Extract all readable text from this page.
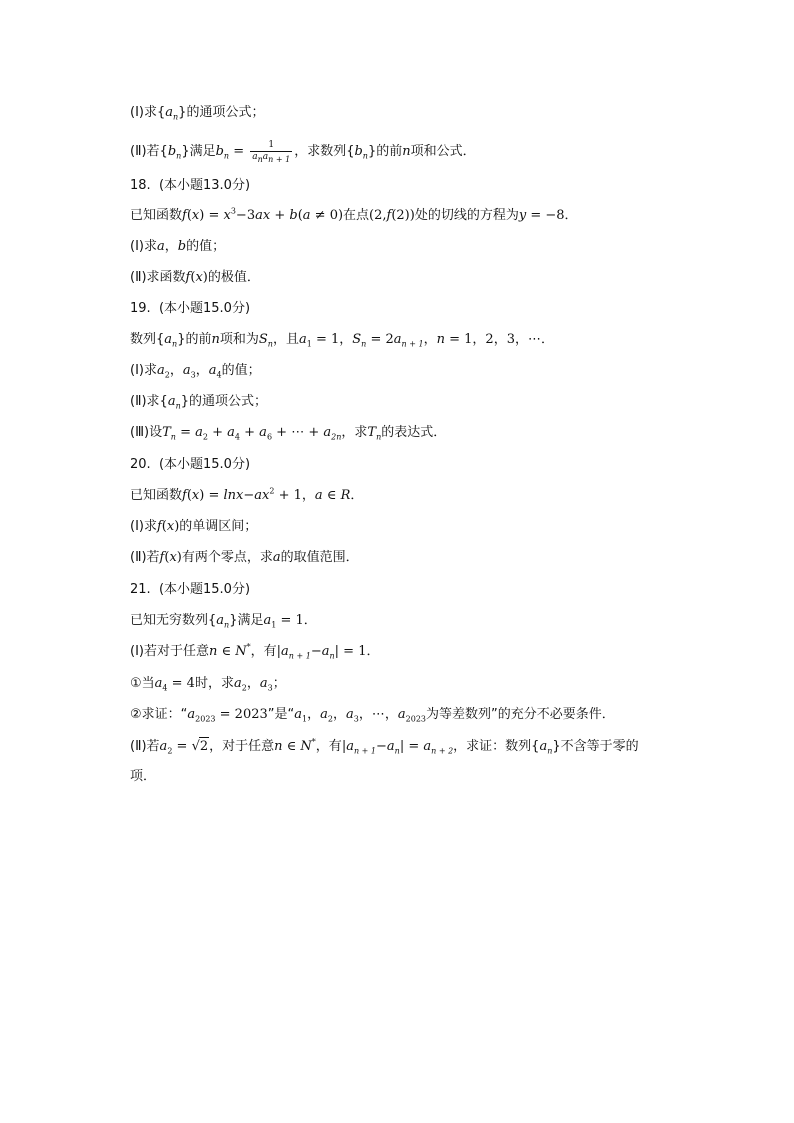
(Ⅰ)求$\{a_n\}$的通项公式；
(Ⅱ)若$\{b_n\}$满足$b_n = \frac{1}{a_na_{n + 1}}$ ，求数列$\{b_n\}$的前n项和公式．
18.  (本小题13.0分)
已知函数$f(x) = x^3-3ax + b(a \ne 0)$在点(2,f(2))处的切线的方程为y = −8．
(Ⅰ)求a，b的值；
(Ⅱ)求函数f(x)的极值．
19.  (本小题15.0分)
数列$\{a_n\}$的前n项和为$S_n$，且$a_1 = 1$，$S_n = 2a_{n + 1}$，n = 1，2，3，⋯．
(Ⅰ)求$a_2$，$a_3$，$a_4$的值；
(Ⅱ)求$\{a_n\}$的通项公式；
(Ⅲ)设$T_n = a_2 + a_4 + a_6$ + ⋯ + $a_{2n}$，求$T_n$的表达式．
20.  (本小题15.0分)
已知函数$f(x) = \ln x-ax^2 + 1$，a ∈ R．
(Ⅰ)求f(x)的单调区间；
(Ⅱ)若f(x)有两个零点，求a的取值范围．
21.  (本小题15.0分)
已知无穷数列$\{a_n\}$满足$a_1 = 1$．
(Ⅰ)若对于任意n ∈ N*，有$|a_{n + 1}-a_n| = 1$．
①当$a_4 = 4$时，求$a_2$，$a_3$；
②求证：“$a_{2023} = 2023$”是“$a_1$，$a_2$，$a_3$，⋯，$a_{2023}$为等差数列”的充分不必要条件．
(Ⅱ)若$a_2 = √2$，对于任意n ∈ N*，有$|a_{n + 1}-a_n| = a_{n + 2}$，求证：数列$\{a_n\}$不含等于零的
项．
